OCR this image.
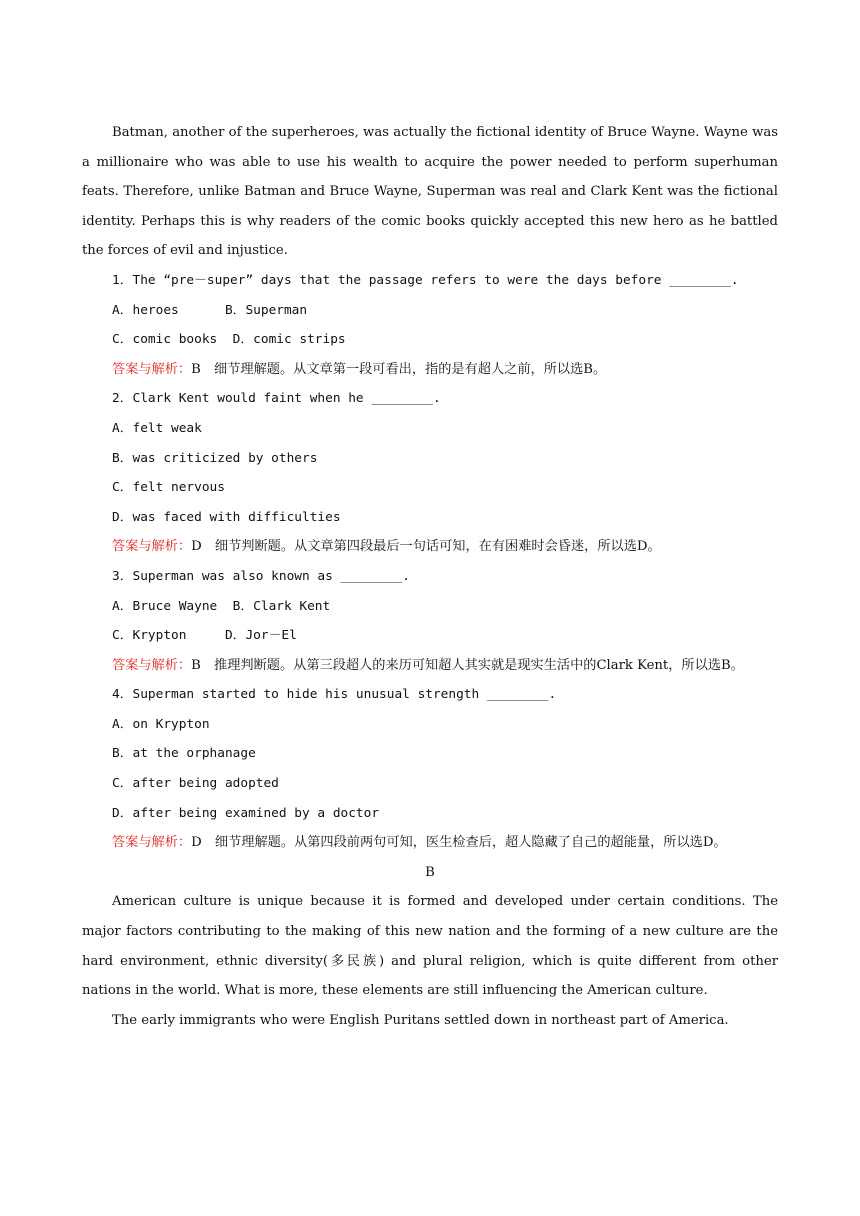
Batman, another of the superheroes, was actually the fictional identity of Bruce Wayne. Wayne was a millionaire who was able to use his wealth to acquire the power needed to perform superhuman feats. Therefore, unlike Batman and Bruce Wayne, Superman was real and Clark Kent was the fictional identity. Perhaps this is why readers of the comic books quickly accepted this new hero as he battled the forces of evil and injustice.

1．The “pre－super” days that the passage refers to were the days before ________.

A．heroes      B．Superman

C．comic books  D．comic strips

答案与解析：B　细节理解题。从文章第一段可看出，指的是有超人之前，所以选B。

2．Clark Kent would faint when he ________.

A．felt weak

B．was criticized by others

C．felt nervous

D．was faced with difficulties

答案与解析：D　细节判断题。从文章第四段最后一句话可知，在有困难时会昏迷，所以选D。

3．Superman was also known as ________.

A．Bruce Wayne  B．Clark Kent

C．Krypton     D．Jor－El

答案与解析：B　推理判断题。从第三段超人的来历可知超人其实就是现实生活中的Clark Kent，所以选B。

4．Superman started to hide his unusual strength ________.

A．on Krypton

B．at the orphanage

C．after being adopted

D．after being examined by a doctor

答案与解析：D　细节理解题。从第四段前两句可知，医生检查后，超人隐藏了自己的超能量，所以选D。

B

American culture is unique because it is formed and developed under certain conditions. The major factors contributing to the making of this new nation and the forming of a new culture are the hard environment, ethnic diversity(多民族) and plural religion, which is quite different from other nations in the world. What is more, these elements are still influencing the American culture.

The early immigrants who were English Puritans settled down in northeast part of America.
